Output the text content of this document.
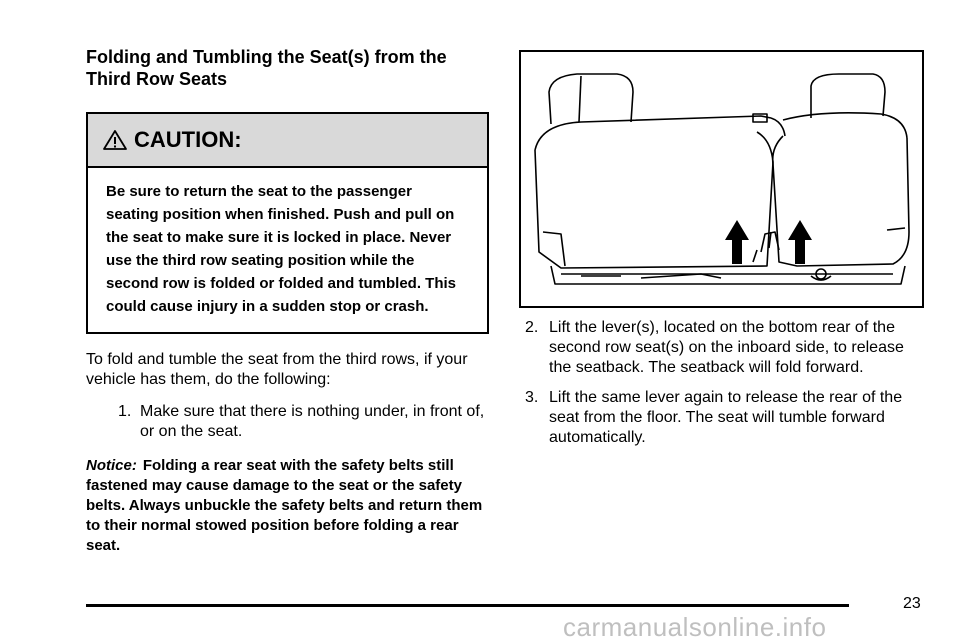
Folding and Tumbling the Seat(s) from the Third Row Seats
CAUTION:
Be sure to return the seat to the passenger seating position when finished. Push and pull on the seat to make sure it is locked in place. Never use the third row seating position while the second row is folded or folded and tumbled. This could cause injury in a sudden stop or crash.

To fold and tumble the seat from the third rows, if your vehicle has them, do the following:

1. Make sure that there is nothing under, in front of, or on the seat.
Notice: Folding a rear seat with the safety belts still fastened may cause damage to the seat or the safety belts. Always unbuckle the safety belts and return them to their normal stowed position before folding a rear seat.
2. Lift the lever(s), located on the bottom rear of the second row seat(s) on the inboard side, to release the seatback. The seatback will fold forward.
3. Lift the same lever again to release the rear of the seat from the floor. The seat will tumble forward automatically.
23
carmanualsonline.info
